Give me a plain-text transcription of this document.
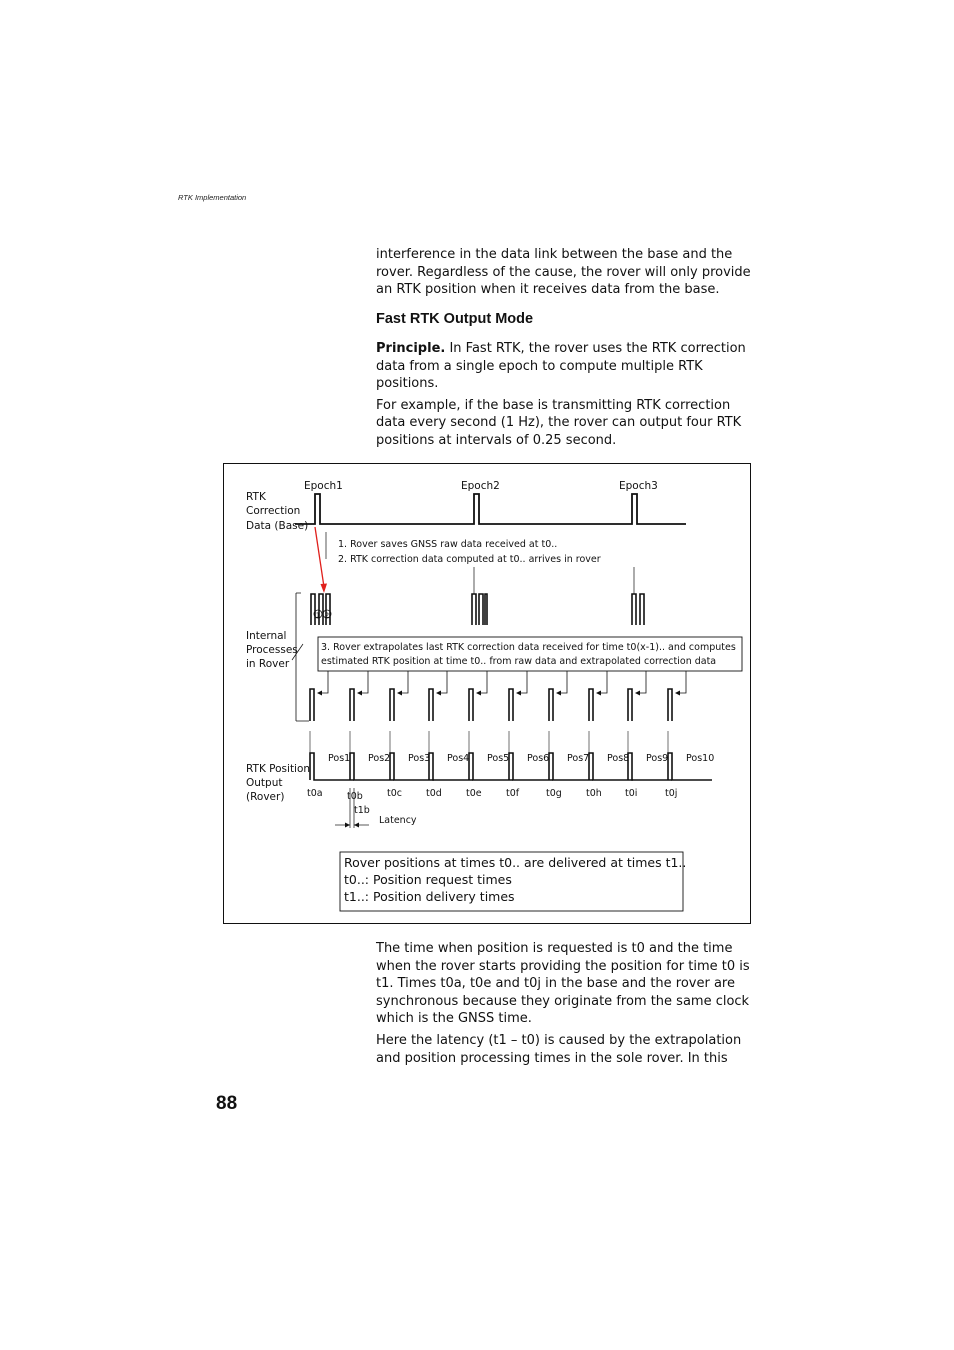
RTK Implementation

interference in the data link between the base and the rover. Regardless of the cause, the rover will only provide an RTK position when it receives data from the base.

Fast RTK Output Mode

Principle. In Fast RTK, the rover uses the RTK correction data from a single epoch to compute multiple RTK positions.

For example, if the base is transmitting RTK correction data every second (1 Hz), the rover can output four RTK positions at intervals of 0.25 second.

RTK
Correction
Data (Base)
Internal
Processes
in Rover
RTK Position
Output
(Rover)
Epoch1	Epoch2	Epoch3
1. Rover saves GNSS raw data received at t0..
2. RTK correction data computed at t0.. arrives in rover
1 2
3. Rover extrapolates last RTK correction data received for time t0(x-1).. and computes
estimated RTK position at time t0.. from raw data and extrapolated correction data
Pos1
t0a
Pos2
t0b
Pos3
t0c
Pos4
t0d
Pos5
t0e
Pos6
t0f
Pos7
t0g
Pos8
t0h
Pos9
t0i
Pos10
t0j
t1b
Latency
Rover positions at times t0.. are delivered at times t1..
t0..: Position request times
t1..: Position delivery times

The time when position is requested is t0 and the time when the rover starts providing the position for time t0 is t1. Times t0a, t0e and t0j in the base and the rover are synchronous because they originate from the same clock which is the GNSS time.

Here the latency (t1 – t0) is caused by the extrapolation and position processing times in the sole rover. In this

88
